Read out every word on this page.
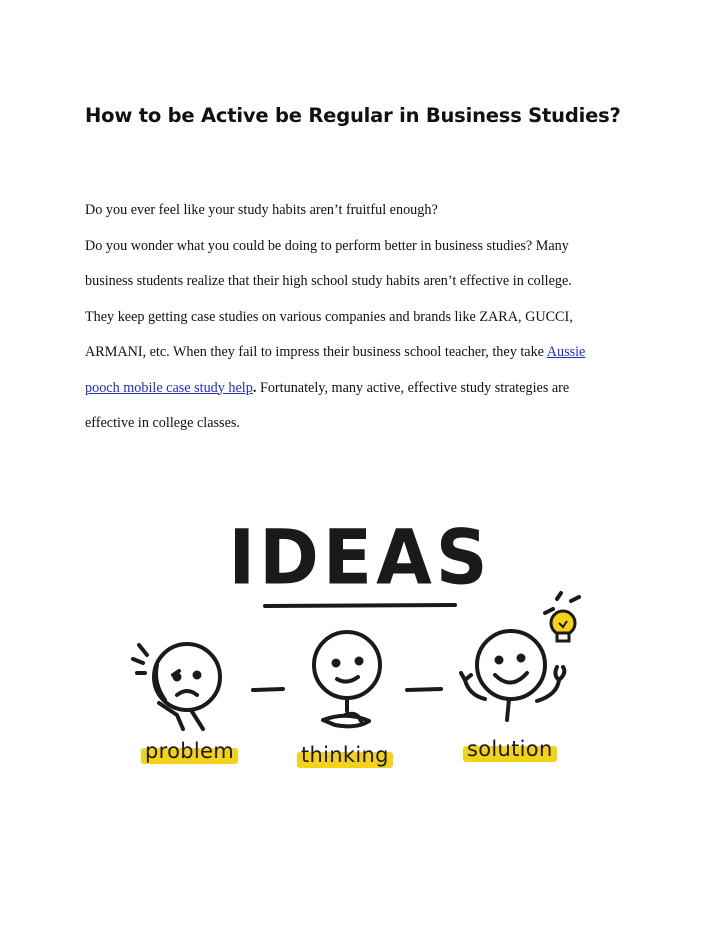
How to be Active be Regular in Business Studies?
Do you ever feel like your study habits aren’t fruitful enough?
Do you wonder what you could be doing to perform better in business studies? Many
business students realize that their high school study habits aren’t effective in college.
They keep getting case studies on various companies and brands like ZARA, GUCCI,
ARMANI, etc. When they fail to impress their business school teacher, they take Aussie
pooch mobile case study help. Fortunately, many active, effective study strategies are
effective in college classes.
IDEAS
problem	thinking	solution
